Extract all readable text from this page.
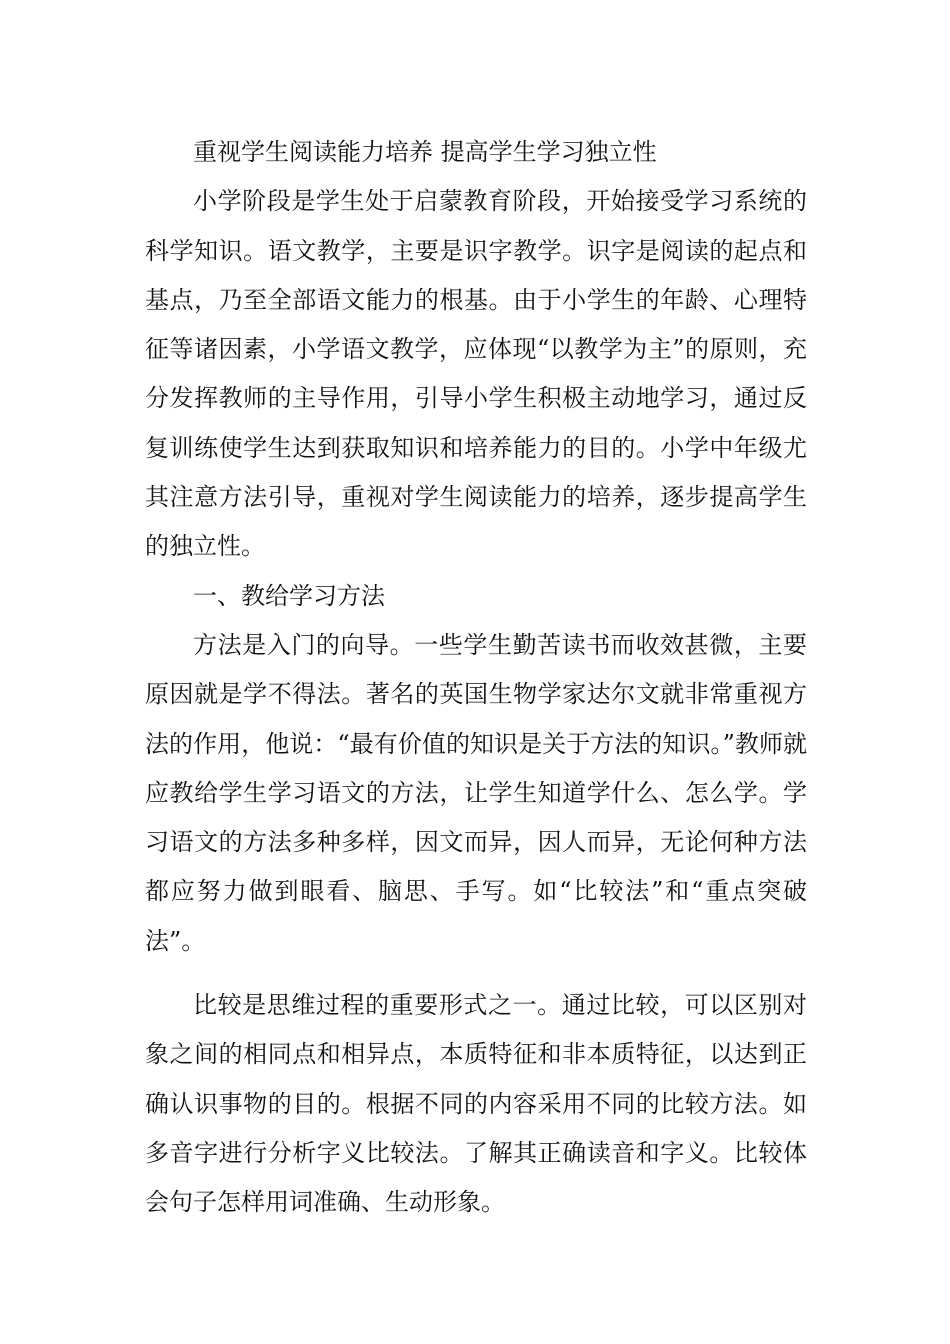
重视学生阅读能力培养 提高学生学习独立性

小学阶段是学生处于启蒙教育阶段，开始接受学习系统的科学知识。语文教学，主要是识字教学。识字是阅读的起点和基点，乃至全部语文能力的根基。由于小学生的年龄、心理特征等诸因素，小学语文教学，应体现“以教学为主”的原则，充分发挥教师的主导作用，引导小学生积极主动地学习，通过反复训练使学生达到获取知识和培养能力的目的。小学中年级尤其注意方法引导，重视对学生阅读能力的培养，逐步提高学生的独立性。

一、教给学习方法

方法是入门的向导。一些学生勤苦读书而收效甚微，主要原因就是学不得法。著名的英国生物学家达尔文就非常重视方法的作用，他说：“最有价值的知识是关于方法的知识。”教师就应教给学生学习语文的方法，让学生知道学什么、怎么学。学习语文的方法多种多样，因文而异，因人而异，无论何种方法都应努力做到眼看、脑思、手写。如“比较法”和“重点突破法”。

比较是思维过程的重要形式之一。通过比较，可以区别对象之间的相同点和相异点，本质特征和非本质特征，以达到正确认识事物的目的。根据不同的内容采用不同的比较方法。如多音字进行分析字义比较法。了解其正确读音和字义。比较体会句子怎样用词准确、生动形象。
